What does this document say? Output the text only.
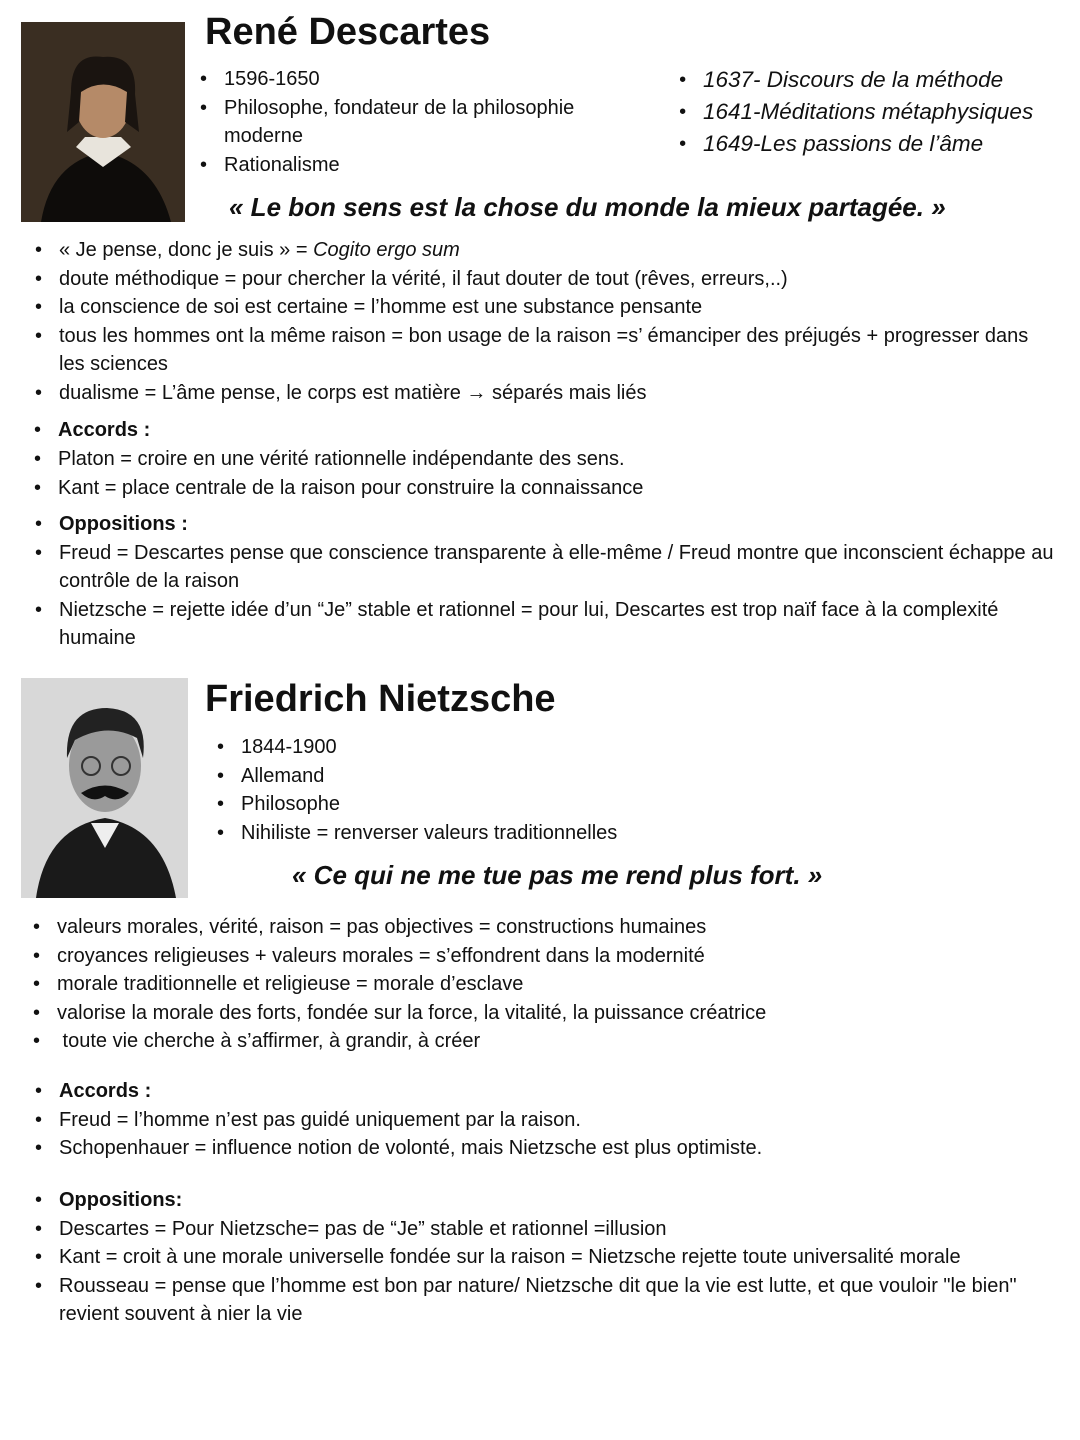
René Descartes
• 1596-1650
• Philosophe, fondateur de la philosophie moderne
• Rationalisme
• 1637- Discours de la méthode
• 1641-Méditations métaphysiques
• 1649-Les passions de l’âme
« Le bon sens est la chose du monde la mieux partagée. »
• « Je pense, donc je suis » = Cogito ergo sum
• doute méthodique = pour chercher la vérité, il faut douter de tout (rêves, erreurs,..)
• la conscience de soi est certaine = l’homme est une substance pensante
• tous les hommes ont la même raison = bon usage de la raison =s’ émanciper des préjugés + progresser dans les sciences
• dualisme = L’âme pense, le corps est matière → séparés mais liés
• Accords :
• Platon = croire en une vérité rationnelle indépendante des sens.
• Kant = place centrale de la raison pour construire la connaissance
• Oppositions :
• Freud = Descartes pense que conscience transparente à elle-même / Freud montre que inconscient échappe au contrôle de la raison
• Nietzsche = rejette idée d’un “Je” stable et rationnel = pour lui, Descartes est trop naïf face à la complexité humaine
Friedrich Nietzsche
• 1844-1900
• Allemand
• Philosophe
• Nihiliste = renverser valeurs traditionnelles
« Ce qui ne me tue pas me rend plus fort. »
• valeurs morales, vérité, raison = pas objectives = constructions humaines
• croyances religieuses + valeurs morales = s’effondrent dans la modernité
• morale traditionnelle et religieuse = morale d’esclave
• valorise la morale des forts, fondée sur la force, la vitalité, la puissance créatrice
•  toute vie cherche à s’affirmer, à grandir, à créer
• Accords :
• Freud = l’homme n’est pas guidé uniquement par la raison.
• Schopenhauer = influence notion de volonté, mais Nietzsche est plus optimiste.
• Oppositions:
• Descartes = Pour Nietzsche= pas de “Je” stable et rationnel =illusion
• Kant = croit à une morale universelle fondée sur la raison = Nietzsche rejette toute universalité morale
• Rousseau = pense que l’homme est bon par nature/ Nietzsche dit que la vie est lutte, et que vouloir "le bien" revient souvent à nier la vie
